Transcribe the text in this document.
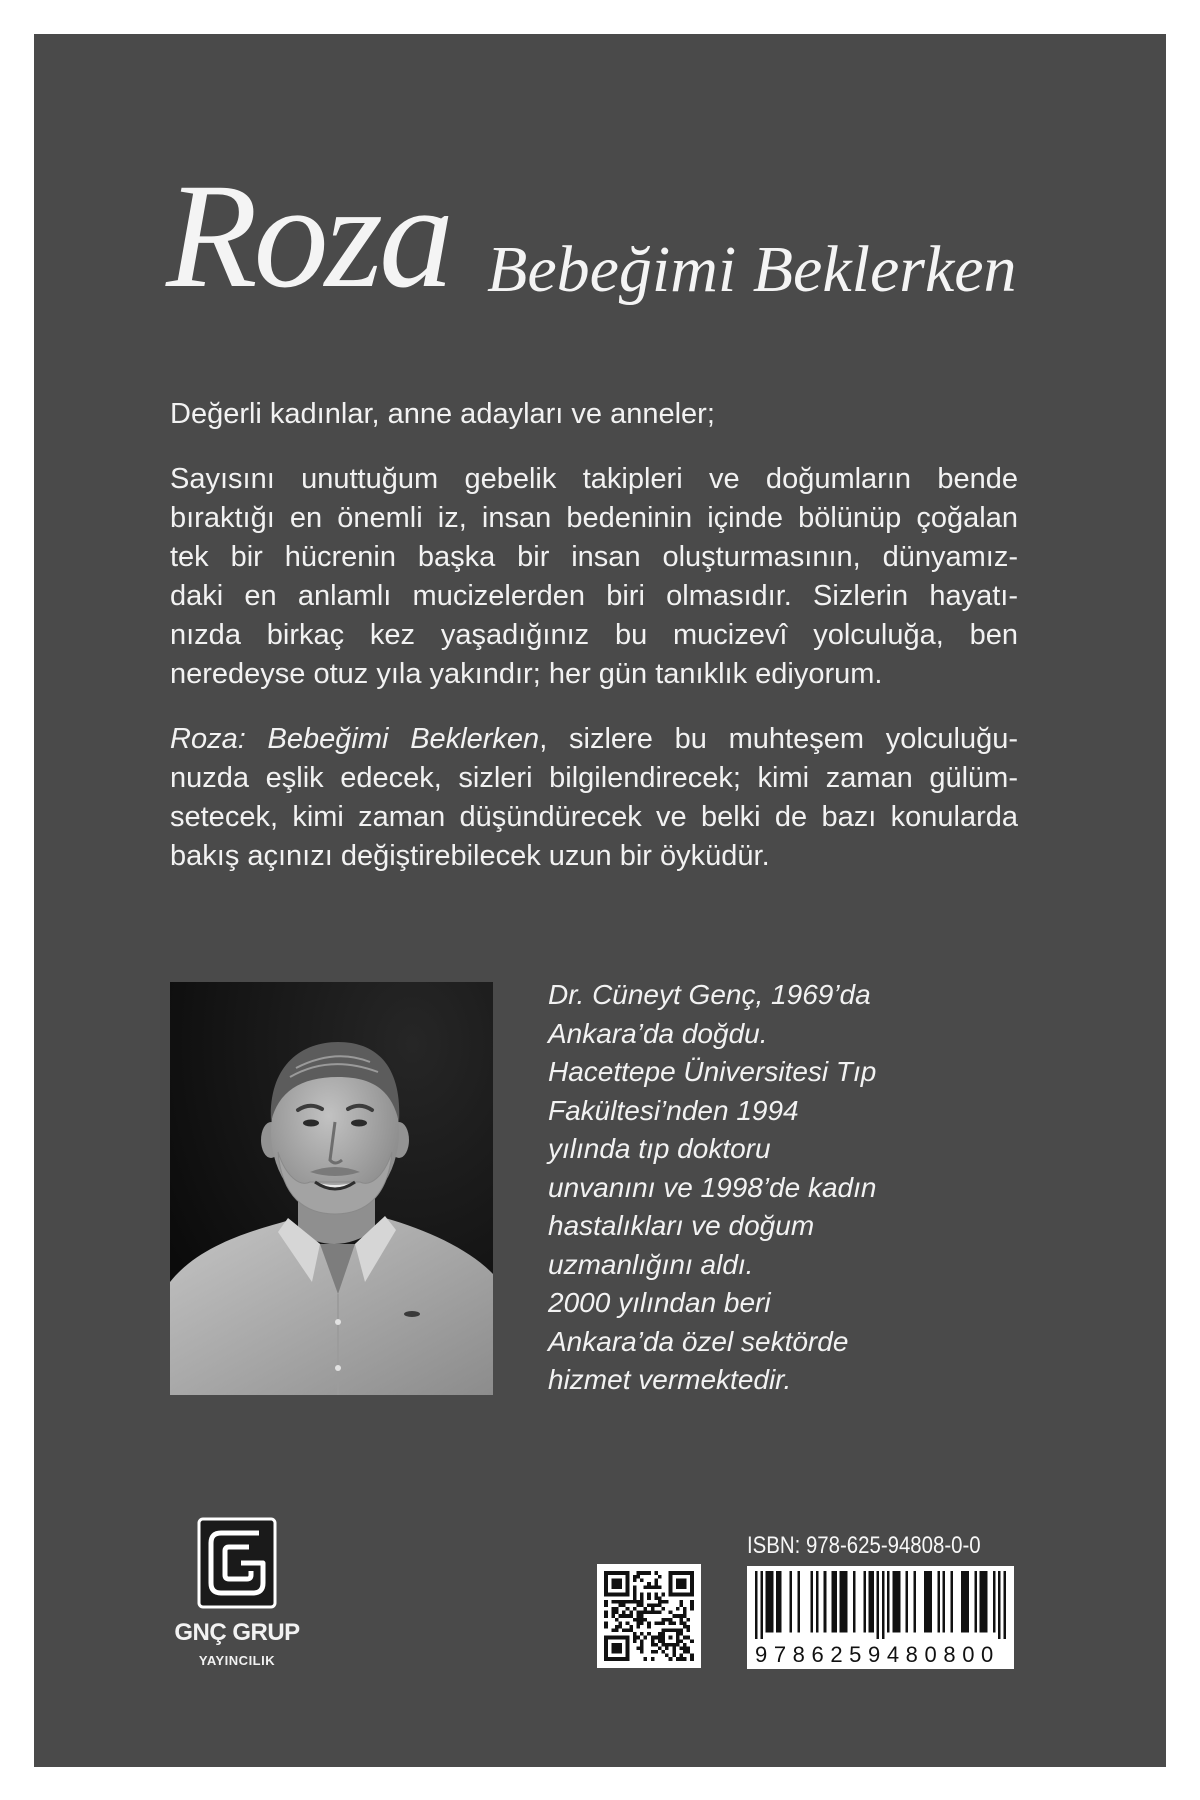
Roza Bebeğimi Beklerken
Değerli kadınlar, anne adayları ve anneler;
Sayısını unuttuğum gebelik takipleri ve doğumların bende
bıraktığı en önemli iz, insan bedeninin içinde bölünüp çoğalan
tek bir hücrenin başka bir insan oluşturmasının, dünyamız-
daki en anlamlı mucizelerden biri olmasıdır. Sizlerin hayatı-
nızda birkaç kez yaşadığınız bu mucizevî yolculuğa, ben
neredeyse otuz yıla yakındır; her gün tanıklık ediyorum.
Roza: Bebeğimi Beklerken, sizlere bu muhteşem yolculuğu-
nuzda eşlik edecek, sizleri bilgilendirecek; kimi zaman gülüm-
setecek, kimi zaman düşündürecek ve belki de bazı konularda
bakış açınızı değiştirebilecek uzun bir öyküdür.
Dr. Cüneyt Genç, 1969’da
Ankara’da doğdu.
Hacettepe Üniversitesi Tıp
Fakültesi’nden 1994
yılında tıp doktoru
unvanını ve 1998’de kadın
hastalıkları ve doğum
uzmanlığını aldı.
2000 yılından beri
Ankara’da özel sektörde
hizmet vermektedir.
GNÇ GRUP
YAYINCILIK
ISBN: 978-625-94808-0-0
9786259480800
